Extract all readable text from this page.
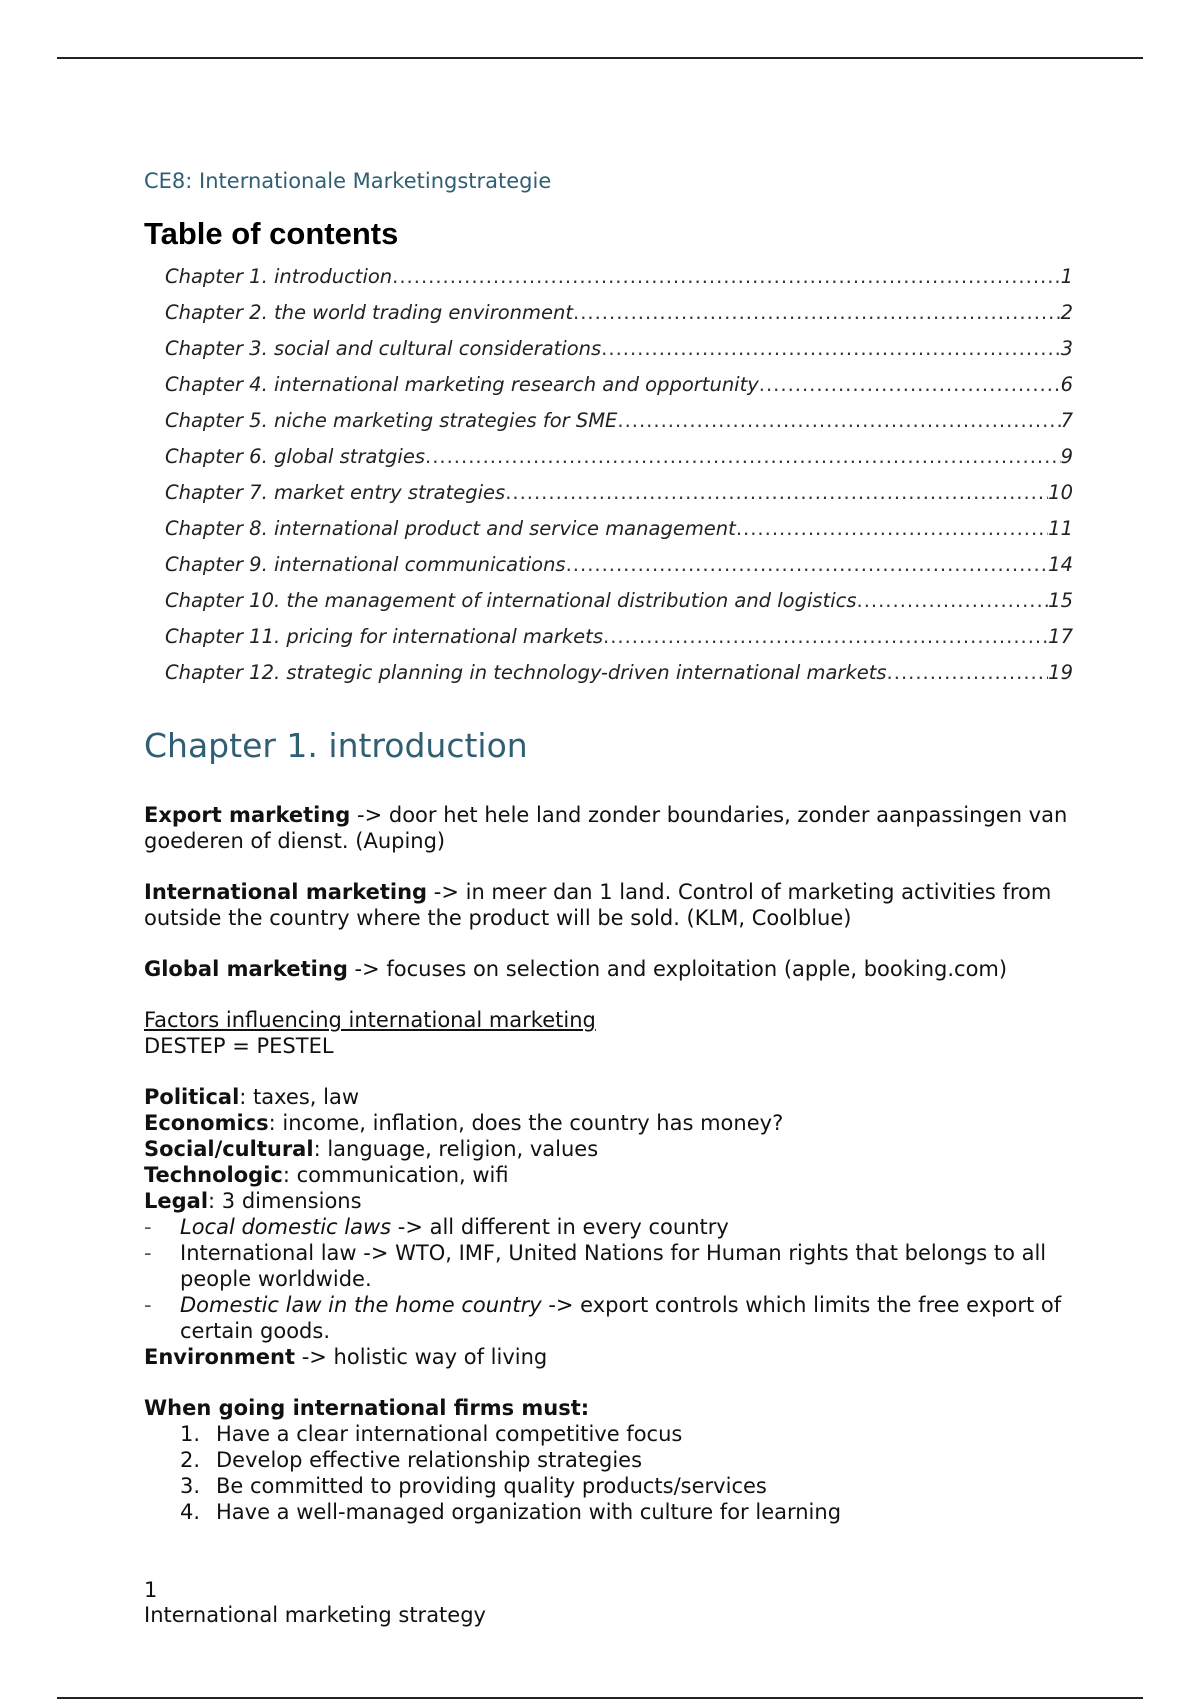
CE8: Internationale Marketingstrategie

Table of contents
Chapter 1. introduction .....	1
Chapter 2. the world trading environment .....	2
Chapter 3. social and cultural considerations .....	3
Chapter 4. international marketing research and opportunity .....	6
Chapter 5. niche marketing strategies for SME .....	7
Chapter 6. global stratgies .....	9
Chapter 7. market entry strategies .....	10
Chapter 8. international product and service management .....	11
Chapter 9. international communications .....	14
Chapter 10. the management of international distribution and logistics .....	15
Chapter 11. pricing for international markets .....	17
Chapter 12. strategic planning in technology-driven international markets .....	19
Chapter 1. introduction

Export marketing -> door het hele land zonder boundaries, zonder aanpassingen van goederen of dienst. (Auping)

International marketing -> in meer dan 1 land. Control of marketing activities from outside the country where the product will be sold. (KLM, Coolblue)

Global marketing -> focuses on selection and exploitation (apple, booking.com)

Factors influencing international marketing

DESTEP = PESTEL

Political: taxes, law

Economics: income, inflation, does the country has money?

Social/cultural: language, religion, values

Technologic: communication, wifi

Legal: 3 dimensions

- Local domestic laws -> all different in every country
- International law -> WTO, IMF, United Nations for Human rights that belongs to all people worldwide.
- Domestic law in the home country -> export controls which limits the free export of certain goods.

Environment -> holistic way of living

When going international firms must:

1. Have a clear international competitive focus
2. Develop effective relationship strategies
3. Be committed to providing quality products/services
4. Have a well-managed organization with culture for learning
1
International marketing strategy
